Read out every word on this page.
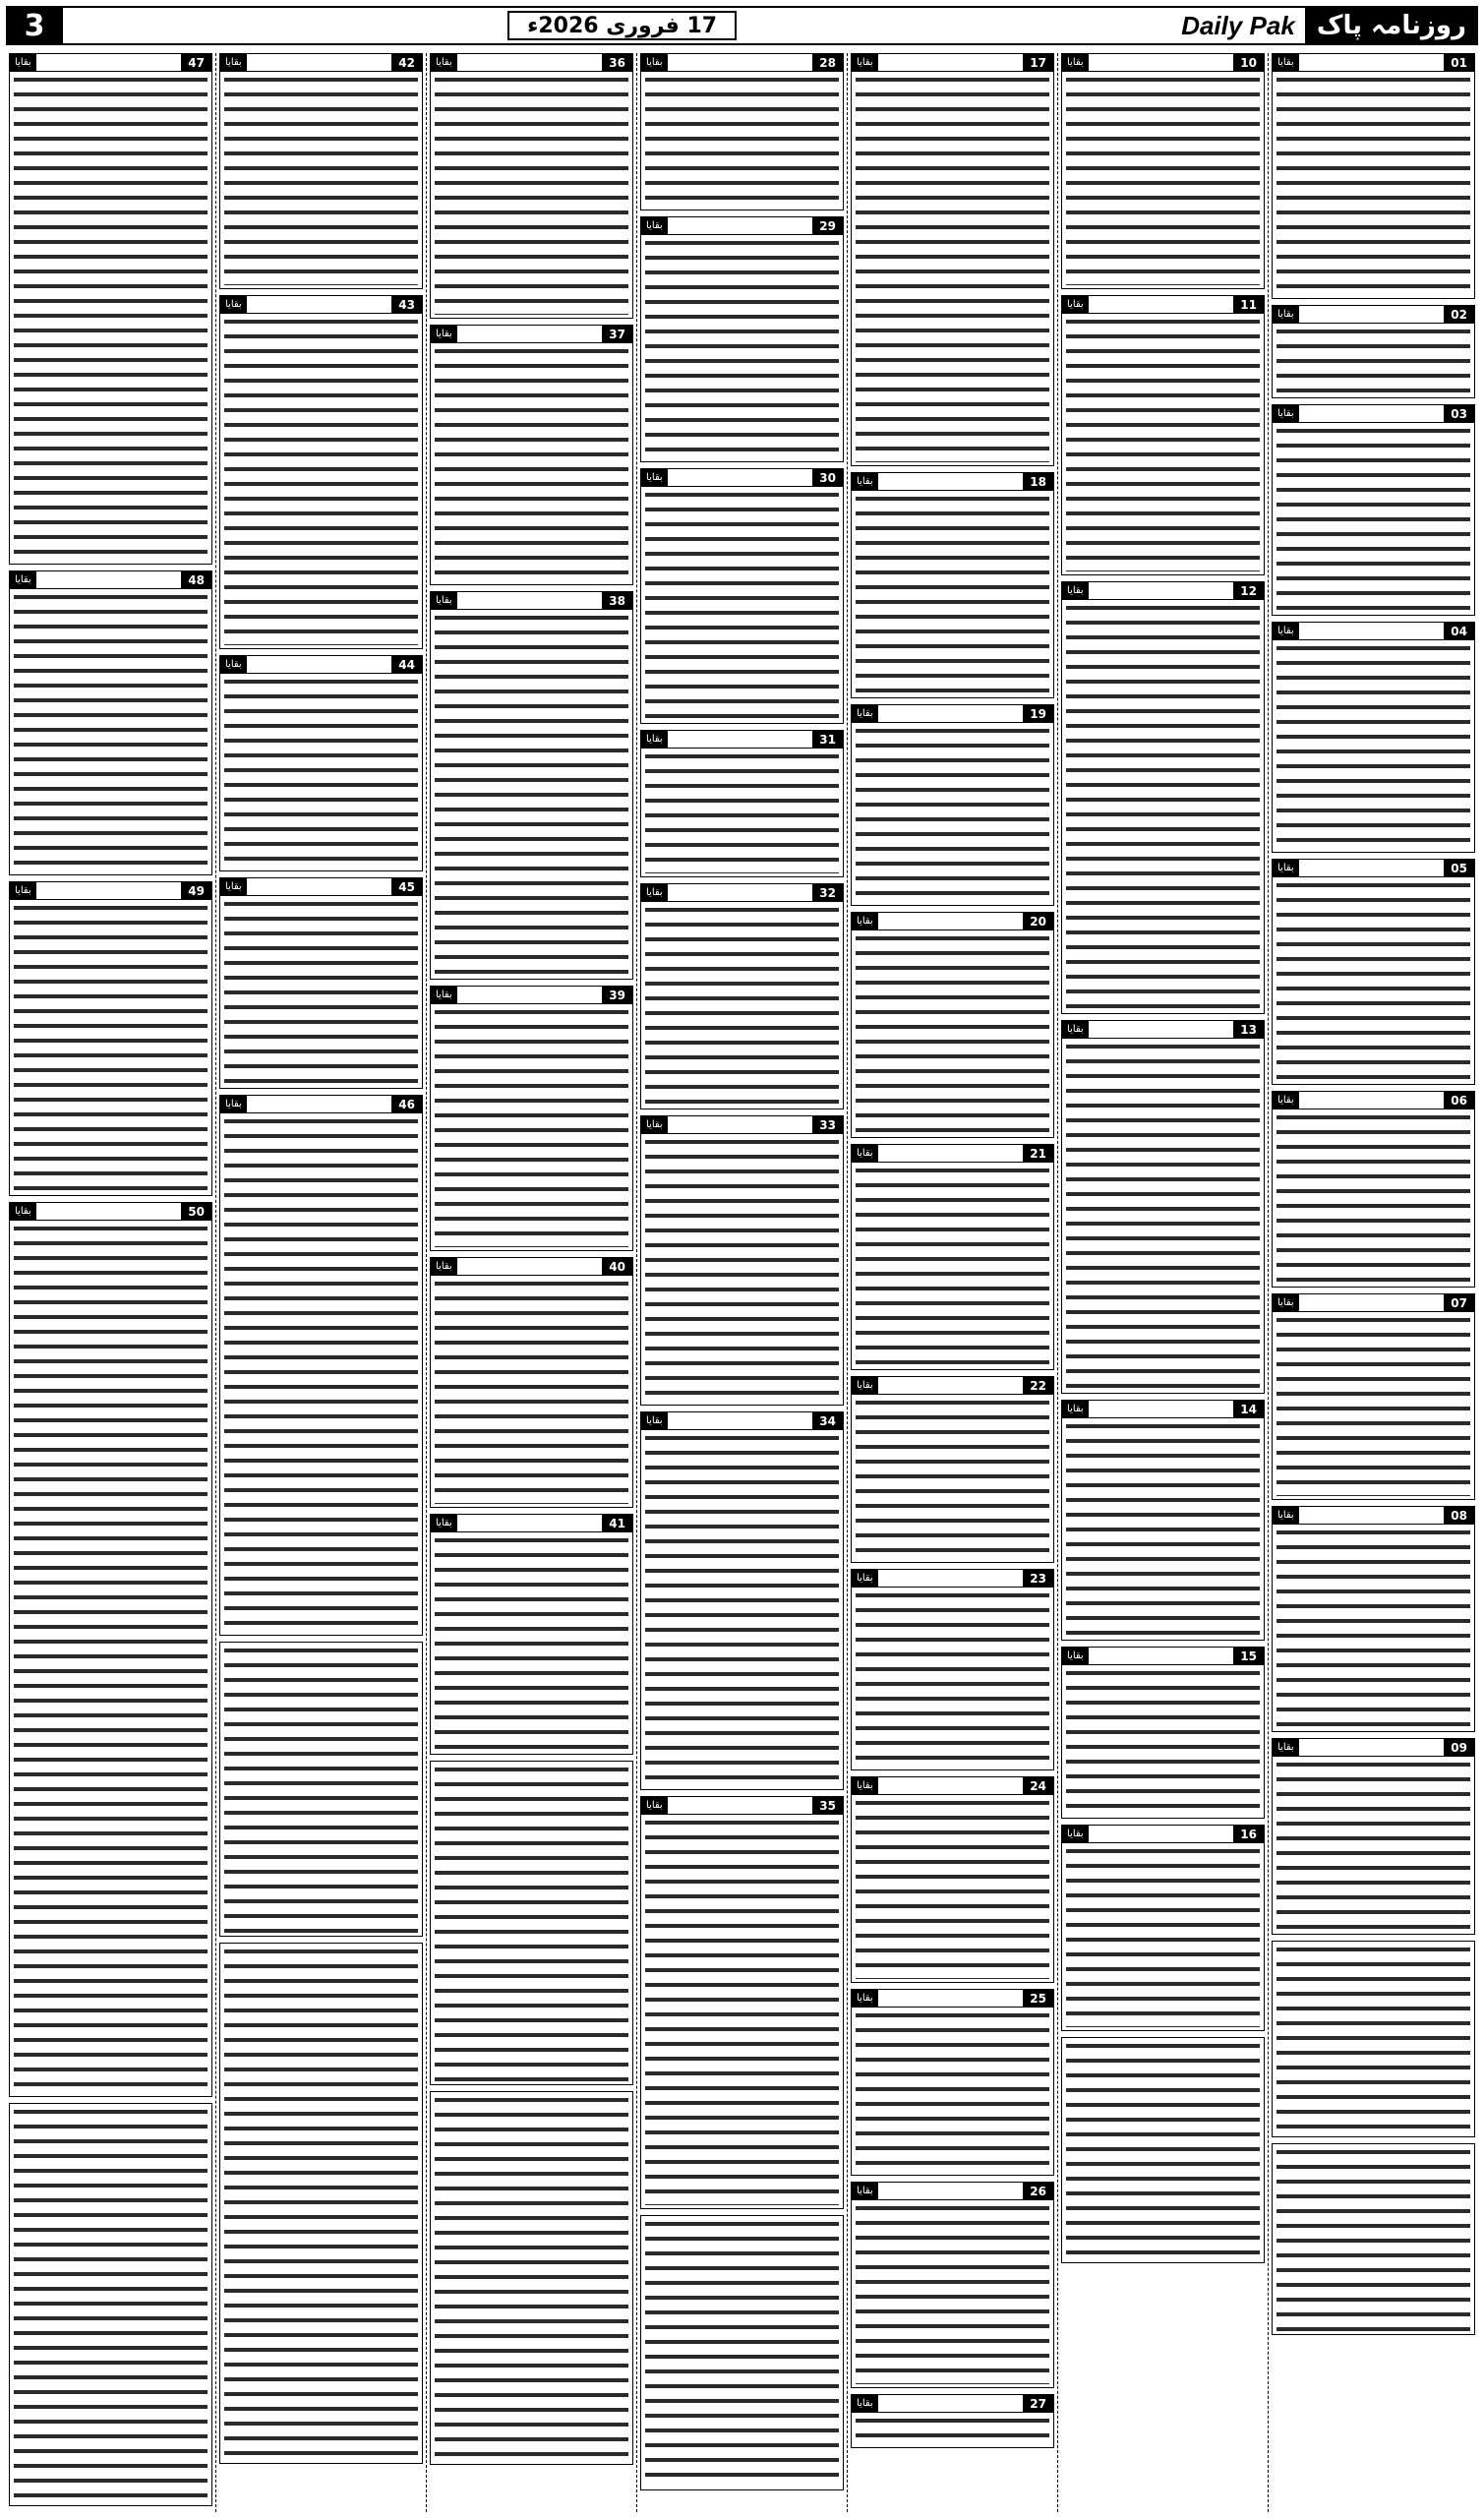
3	17 فروری 2026ء	Daily Pak روزنامہ پاک
بقايا	01
بقايا	02
بقايا	03
بقايا	04
بقايا	05
بقايا	06
بقايا	07
بقايا	08
بقايا	09
بقايا	10
بقايا	11
بقايا	12
بقايا	13
بقايا	14
بقايا	15
بقايا	16
بقايا	17
بقايا	18
بقايا	19
بقايا	20
بقايا	21
بقايا	22
بقايا	23
بقايا	24
بقايا	25
بقايا	26
بقايا	27
بقايا	28
بقايا	29
بقايا	30
بقايا	31
بقايا	32
بقايا	33
بقايا	34
بقايا	35
بقايا	36
بقايا	37
بقايا	38
بقايا	39
بقايا	40
بقايا	41
بقايا	42
بقايا	43
بقايا	44
بقايا	45
بقايا	46
بقايا	47
بقايا	48
بقايا	49
بقايا	50
